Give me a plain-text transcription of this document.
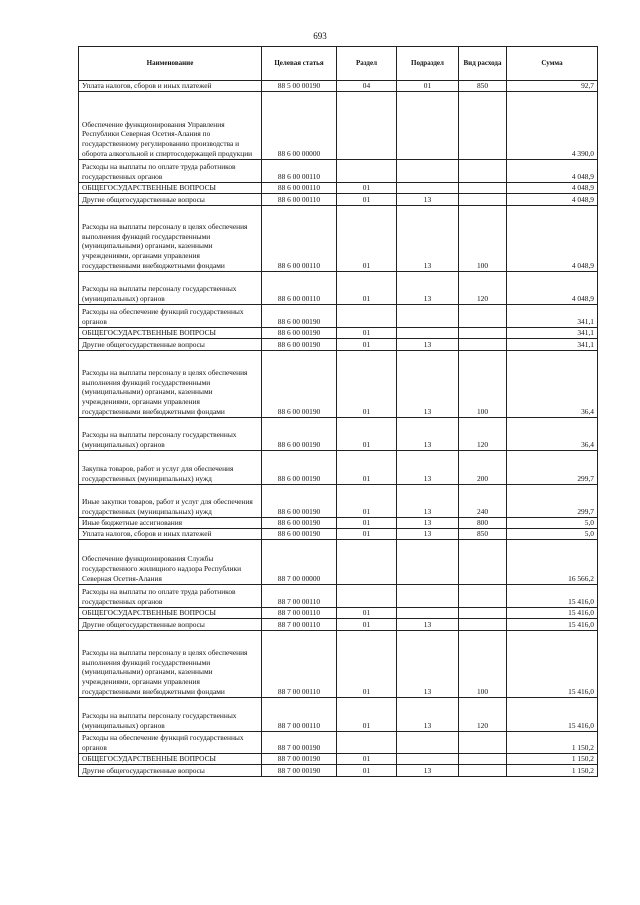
693
Наименование	Целевая статья	Раздел	Подраздел	Вид расхода	Сумма
Уплата налогов, сборов и иных платежей	88 5 00 00190	04	01	850	92,7
Обеспечение функционирования Управления Республики Северная Осетия-Алания по государственному регулированию производства и оборота алкогольной и спиртосодержащей продукции	88 6 00 00000				4 390,0
Расходы на выплаты по оплате труда работников государственных органов	88 6 00 00110				4 048,9
ОБЩЕГОСУДАРСТВЕННЫЕ ВОПРОСЫ	88 6 00 00110	01			4 048,9
Другие общегосударственные вопросы	88 6 00 00110	01	13		4 048,9
Расходы на выплаты персоналу в целях обеспечения выполнения функций государственными (муниципальными) органами, казенными учреждениями, органами управления государственными внебюджетными фондами	88 6 00 00110	01	13	100	4 048,9
Расходы на выплаты персоналу государственных (муниципальных) органов	88 6 00 00110	01	13	120	4 048,9
Расходы на обеспечение функций государственных органов	88 6 00 00190				341,1
ОБЩЕГОСУДАРСТВЕННЫЕ ВОПРОСЫ	88 6 00 00190	01			341,1
Другие общегосударственные вопросы	88 6 00 00190	01	13		341,1
Расходы на выплаты персоналу в целях обеспечения выполнения функций государственными (муниципальными) органами, казенными учреждениями, органами управления государственными внебюджетными фондами	88 6 00 00190	01	13	100	36,4
Расходы на выплаты персоналу государственных (муниципальных) органов	88 6 00 00190	01	13	120	36,4
Закупка товаров, работ и услуг для обеспечения государственных (муниципальных) нужд	88 6 00 00190	01	13	200	299,7
Иные закупки товаров, работ и услуг для обеспечения государственных (муниципальных) нужд	88 6 00 00190	01	13	240	299,7
Иные бюджетные ассигнования	88 6 00 00190	01	13	800	5,0
Уплата налогов, сборов и иных платежей	88 6 00 00190	01	13	850	5,0
Обеспечение функционирования Службы государственного жилищного надзора Республики Северная Осетия-Алания	88 7 00 00000				16 566,2
Расходы на выплаты по оплате труда работников государственных органов	88 7 00 00110				15 416,0
ОБЩЕГОСУДАРСТВЕННЫЕ ВОПРОСЫ	88 7 00 00110	01			15 416,0
Другие общегосударственные вопросы	88 7 00 00110	01	13		15 416,0
Расходы на выплаты персоналу в целях обеспечения выполнения функций государственными (муниципальными) органами, казенными учреждениями, органами управления государственными внебюджетными фондами	88 7 00 00110	01	13	100	15 416,0
Расходы на выплаты персоналу государственных (муниципальных) органов	88 7 00 00110	01	13	120	15 416,0
Расходы на обеспечение функций государственных органов	88 7 00 00190				1 150,2
ОБЩЕГОСУДАРСТВЕННЫЕ ВОПРОСЫ	88 7 00 00190	01			1 150,2
Другие общегосударственные вопросы	88 7 00 00190	01	13		1 150,2
